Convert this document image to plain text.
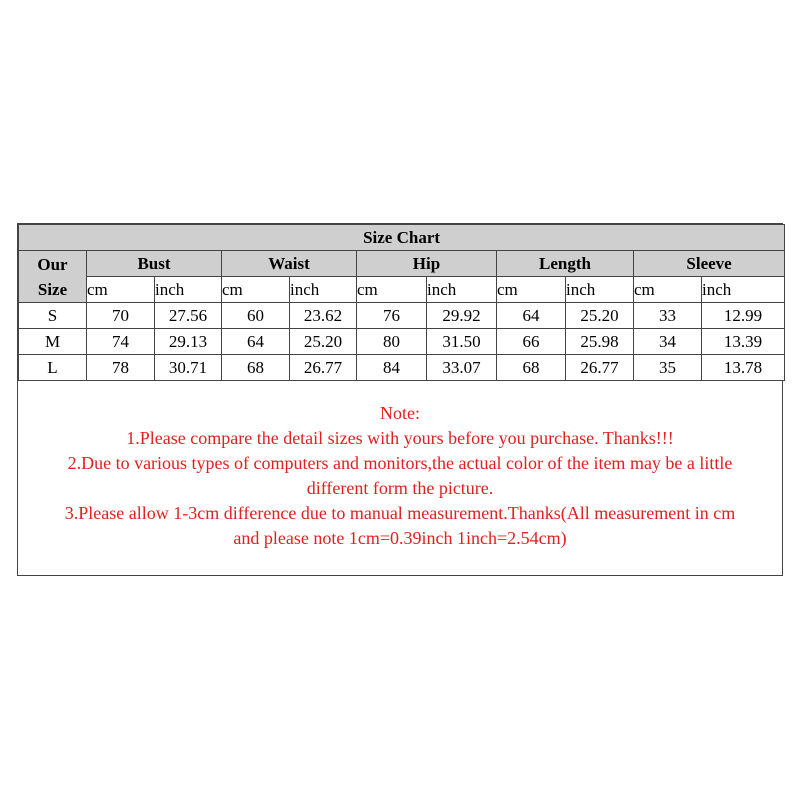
Size Chart										
Our
Size	Bust		Waist		Hip		Length		Sleeve	
	cm	inch	cm	inch	cm	inch	cm	inch	cm	inch
S	70	27.56	60	23.62	76	29.92	64	25.20	33	12.99
M	74	29.13	64	25.20	80	31.50	66	25.98	34	13.39
L	78	30.71	68	26.77	84	33.07	68	26.77	35	13.78
Note:
1.Please compare the detail sizes with yours before you purchase. Thanks!!!
2.Due to various types of computers and monitors,the actual color of the item may be a little
different form the picture.
3.Please allow 1-3cm difference due to manual measurement.Thanks(All measurement in cm
and please note 1cm=0.39inch 1inch=2.54cm)
